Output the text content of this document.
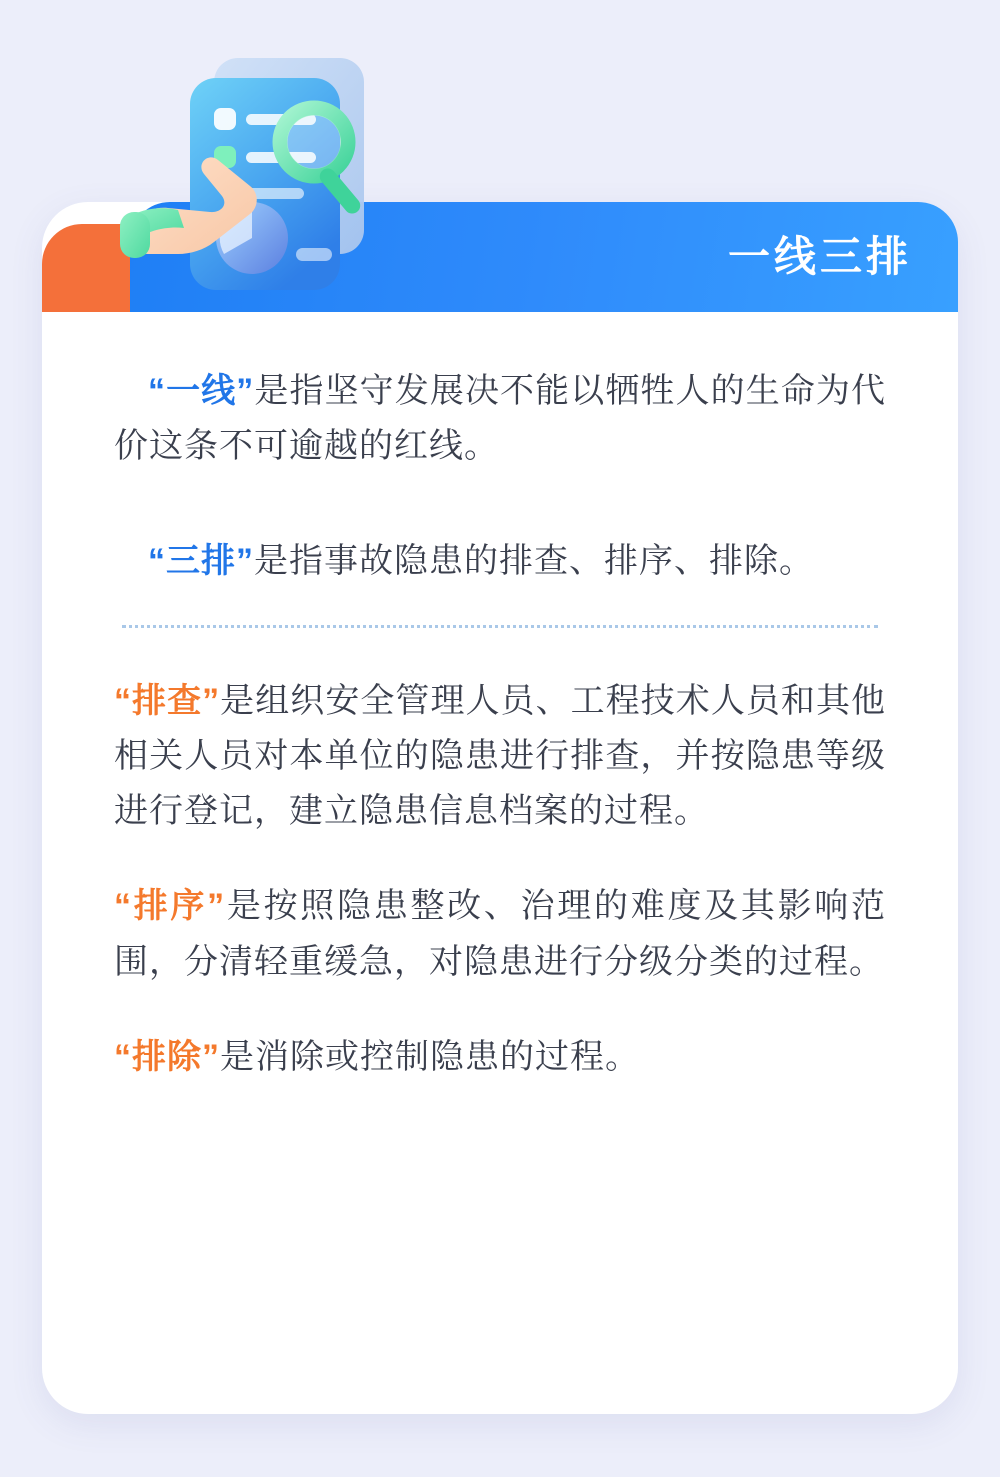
“一线”是指坚守发展决不能以牺牲人的生命为代价这条不可逾越的红线。

“三排”是指事故隐患的排查、排序、排除。

“排查”是组织安全管理人员、工程技术人员和其他相关人员对本单位的隐患进行排查，并按隐患等级进行登记，建立隐患信息档案的过程。

“排序”是按照隐患整改、治理的难度及其影响范围，分清轻重缓急，对隐患进行分级分类的过程。

“排除”是消除或控制隐患的过程。

一线三排
